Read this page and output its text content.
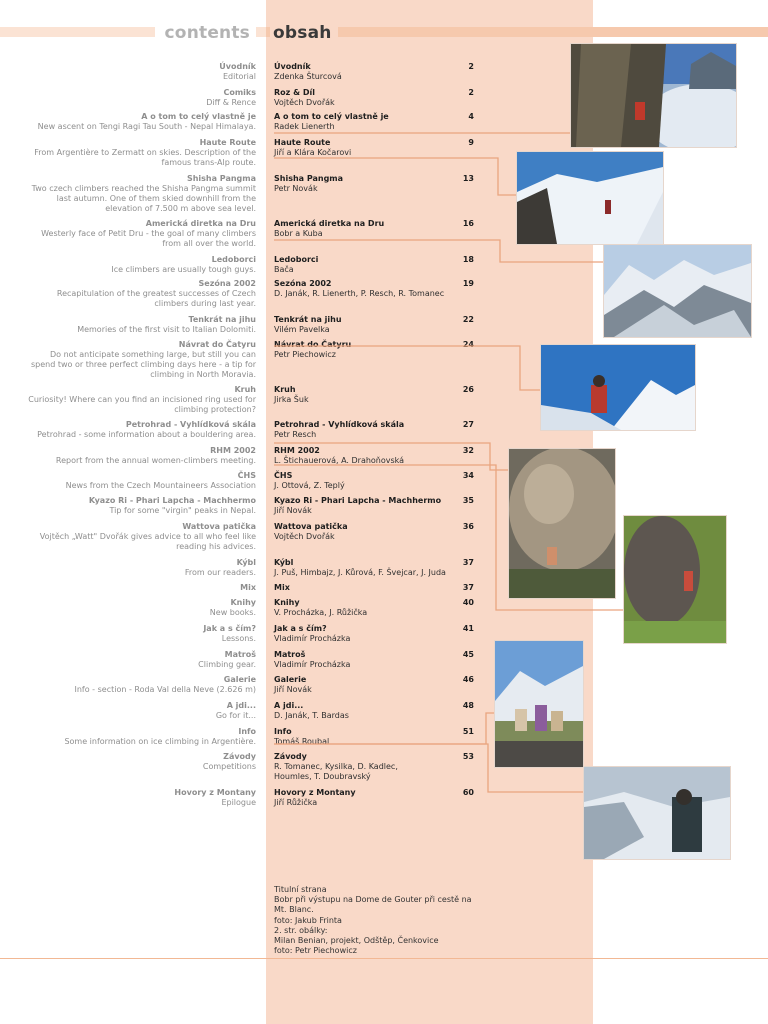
contents	obsah
Úvodník
Editorial
Comiks
Diff & Rence
A o tom to celý vlastně je
New ascent on Tengi Ragi Tau South - Nepal Himalaya.
Haute Route
From Argentière to Zermatt on skies. Description of the
famous trans-Alp route.
Shisha Pangma
Two czech climbers reached the Shisha Pangma summit
last autumn. One of them skied downhill from the
elevation of 7.500 m above sea level.
Americká diretka na Dru
Westerly face of Petit Dru - the goal of many climbers
from all over the world.
Ledoborci
Ice climbers are usually tough guys.
Sezóna 2002
Recapitulation of the greatest successes of Czech
climbers during last year.
Tenkrát na jihu
Memories of the first visit to Italian Dolomiti.
Návrat do Čatyru
Do not anticipate something large, but still you can
spend two or three perfect climbing days here - a tip for
climbing in North Moravia.
Kruh
Curiosity! Where can you find an incisioned ring used for
climbing protection?
Petrohrad - Vyhlídková skála
Petrohrad - some information about a bouldering area.
RHM 2002
Report from the annual women-climbers meeting.
ČHS
News from the Czech Mountaineers Association
Kyazo Ri - Phari Lapcha - Machhermo
Tip for some "virgin" peaks in Nepal.
Wattova patička
Vojtěch „Watt" Dvořák gives advice to all who feel like
reading his advices.
Kýbl
From our readers.
Mix
Knihy
New books.
Jak a s čím?
Lessons.
Matroš
Climbing gear.
Galerie
Info - section - Roda Val della Neve (2.626 m)
A jdi...
Go for it...
Info
Some information on ice climbing in Argentière.
Závody
Competitions
Hovory z Montany
Epilogue
Úvodník
Zdenka Šturcová
2
Roz & Díl
Vojtěch Dvořák
2
A o tom to celý vlastně je
Radek Lienerth
4
Haute Route
Jiří a Klára Kočarovi
9
Shisha Pangma
Petr Novák
13
Americká diretka na Dru
Bobr a Kuba
16
Ledoborci
Bača
18
Sezóna 2002
D. Janák, R. Lienerth, P. Resch, R. Tomanec
19
Tenkrát na jihu
Vilém Pavelka
22
Návrat do Čatyru
Petr Piechowicz
24
Kruh
Jirka Šuk
26
Petrohrad - Vyhlídková skála
Petr Resch
27
RHM 2002
L. Štichauerová, A. Drahoňovská
32
ČHS
J. Ottová, Z. Teplý
34
Kyazo Ri - Phari Lapcha - Machhermo
Jiří Novák
35
Wattova patička
Vojtěch Dvořák
36
Kýbl
J. Puš, Himbajz, J. Kůrová, F. Švejcar, J. Juda
37
Mix	37
Knihy
V. Procházka, J. Růžička
40
Jak a s čím?
Vladimír Procházka
41
Matroš
Vladimír Procházka
45
Galerie
Jiří Novák
46
A jdi...
D. Janák, T. Bardas
48
Info
Tomáš Roubal
51
Závody
R. Tomanec, Kysilka, D. Kadlec,
Houmles, T. Doubravský
53
Hovory z Montany
Jiří Růžička
60
Titulní strana
Bobr při výstupu na Dome de Gouter při cestě na
Mt. Blanc.
foto: Jakub Frinta
2. str. obálky:
Milan Benian, projekt, Odštěp, Čenkovice
foto: Petr Piechowicz
